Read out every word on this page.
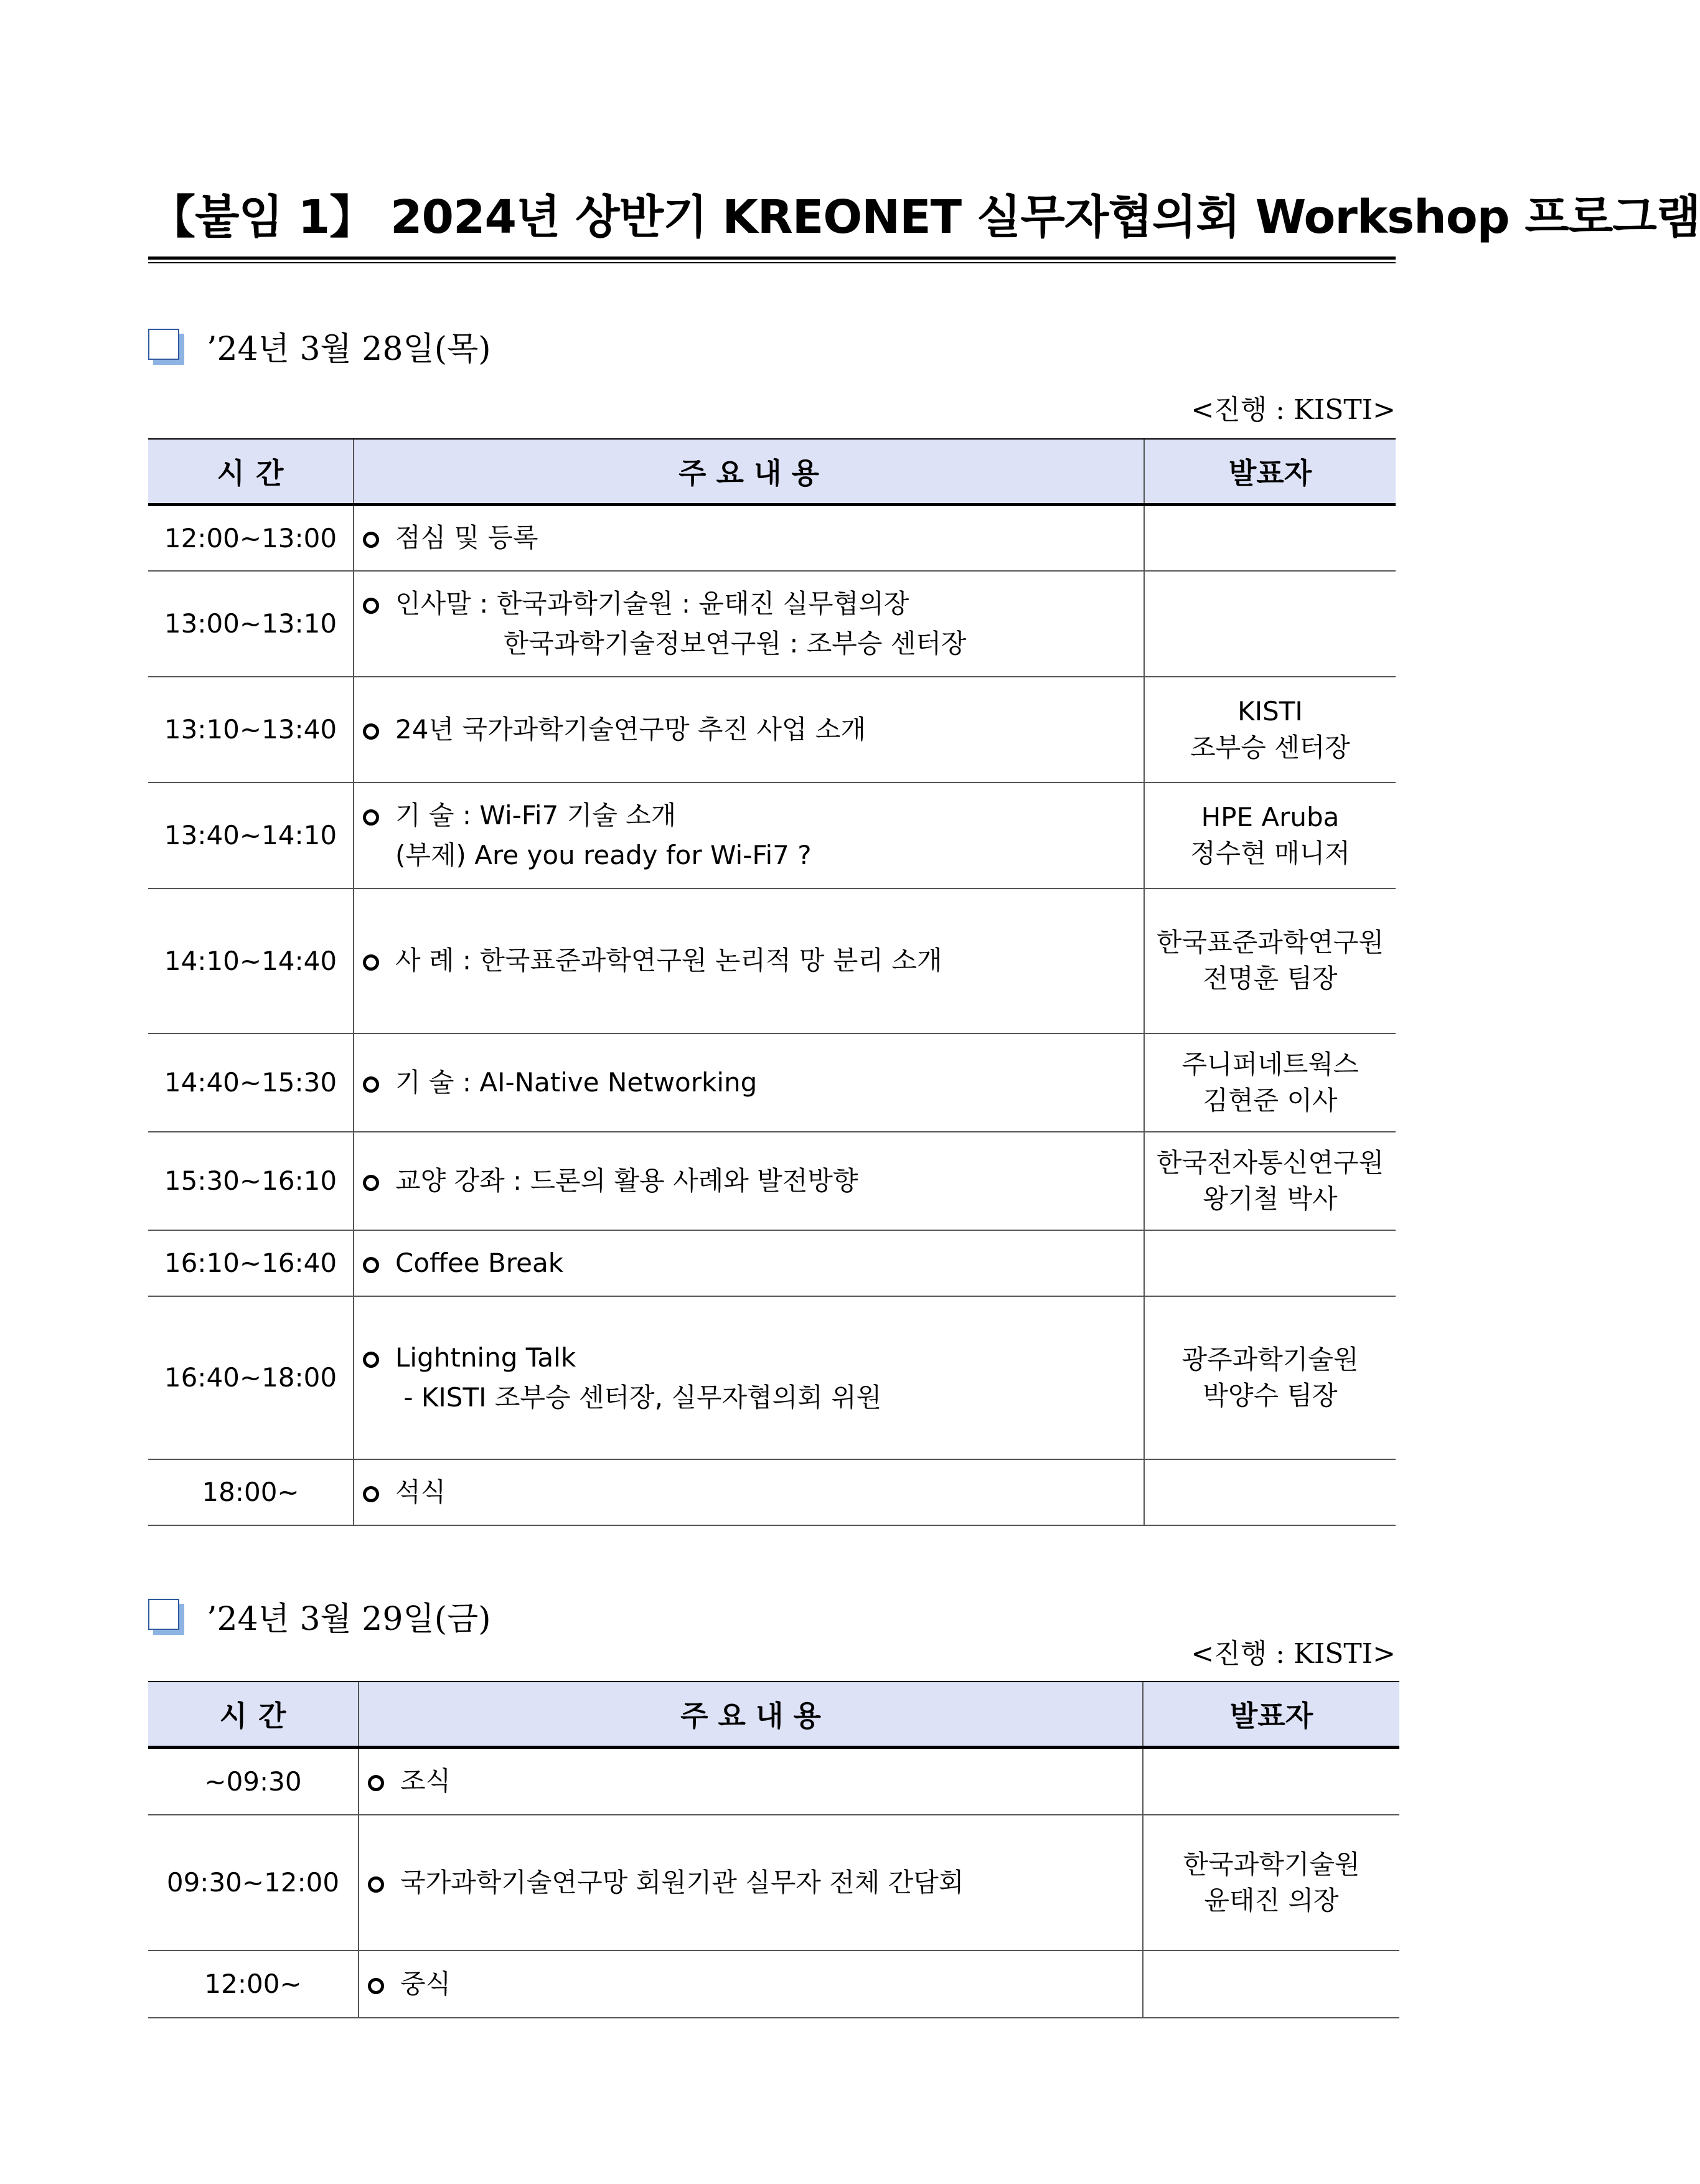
【붙임 1】 2024년 상반기 KREONET 실무자협의회 Workshop 프로그램
’24년 3월 28일(목)
<진행 : KISTI>
시 간	주 요 내 용	발표자
12:00~13:00	점심 및 등록	

13:00~13:10	인사말 : 한국과학기술원 : 윤태진 실무협의장
한국과학기술정보연구원 : 조부승 센터장	

13:10~13:40	24년 국가과학기술연구망 추진 사업 소개	KISTI
조부승 센터장

13:40~14:10	기 술 : Wi-Fi7 기술 소개
(부제) Are you ready for Wi-Fi7 ?	HPE Aruba
정수현 매니저

14:10~14:40	사 례 : 한국표준과학연구원 논리적 망 분리 소개	한국표준과학연구원
전명훈 팀장

14:40~15:30	기 술 : AI-Native Networking	주니퍼네트웍스
김현준 이사

15:30~16:10	교양 강좌 : 드론의 활용 사례와 발전방향	한국전자통신연구원
왕기철 박사

16:10~16:40	Coffee Break	

16:40~18:00	Lightning Talk
- KISTI 조부승 센터장, 실무자협의회 위원	광주과학기술원
박양수 팀장

18:00~	석식	

’24년 3월 29일(금)
<진행 : KISTI>
시 간	주 요 내 용	발표자
~09:30	조식	

09:30~12:00	국가과학기술연구망 회원기관 실무자 전체 간담회	한국과학기술원
윤태진 의장

12:00~	중식	
